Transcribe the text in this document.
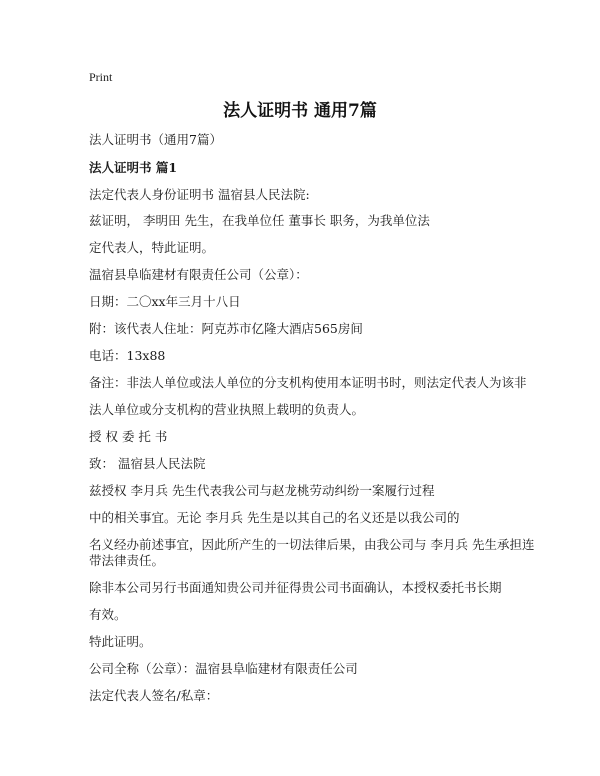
Print
法人证明书 通用7篇
法人证明书（通用7篇）
法人证明书 篇1
法定代表人身份证明书 温宿县人民法院:
兹证明， 李明田 先生，在我单位任 董事长 职务，为我单位法
定代表人，特此证明。
温宿县阜临建材有限责任公司（公章）：
日期：二〇xx年三月十八日
附：该代表人住址：阿克苏市亿隆大酒店565房间
电话：13x88
备注：非法人单位或法人单位的分支机构使用本证明书时，则法定代表人为该非
法人单位或分支机构的营业执照上载明的负责人。
授 权 委 托 书
致： 温宿县人民法院
兹授权 李月兵 先生代表我公司与赵龙桃劳动纠纷一案履行过程
中的相关事宜。无论 李月兵 先生是以其自己的名义还是以我公司的
名义经办前述事宜，因此所产生的一切法律后果，由我公司与 李月兵 先生承担连
带法律责任。
除非本公司另行书面通知贵公司并征得贵公司书面确认，本授权委托书长期
有效。
特此证明。
公司全称（公章）：温宿县阜临建材有限责任公司
法定代表人签名/私章：
